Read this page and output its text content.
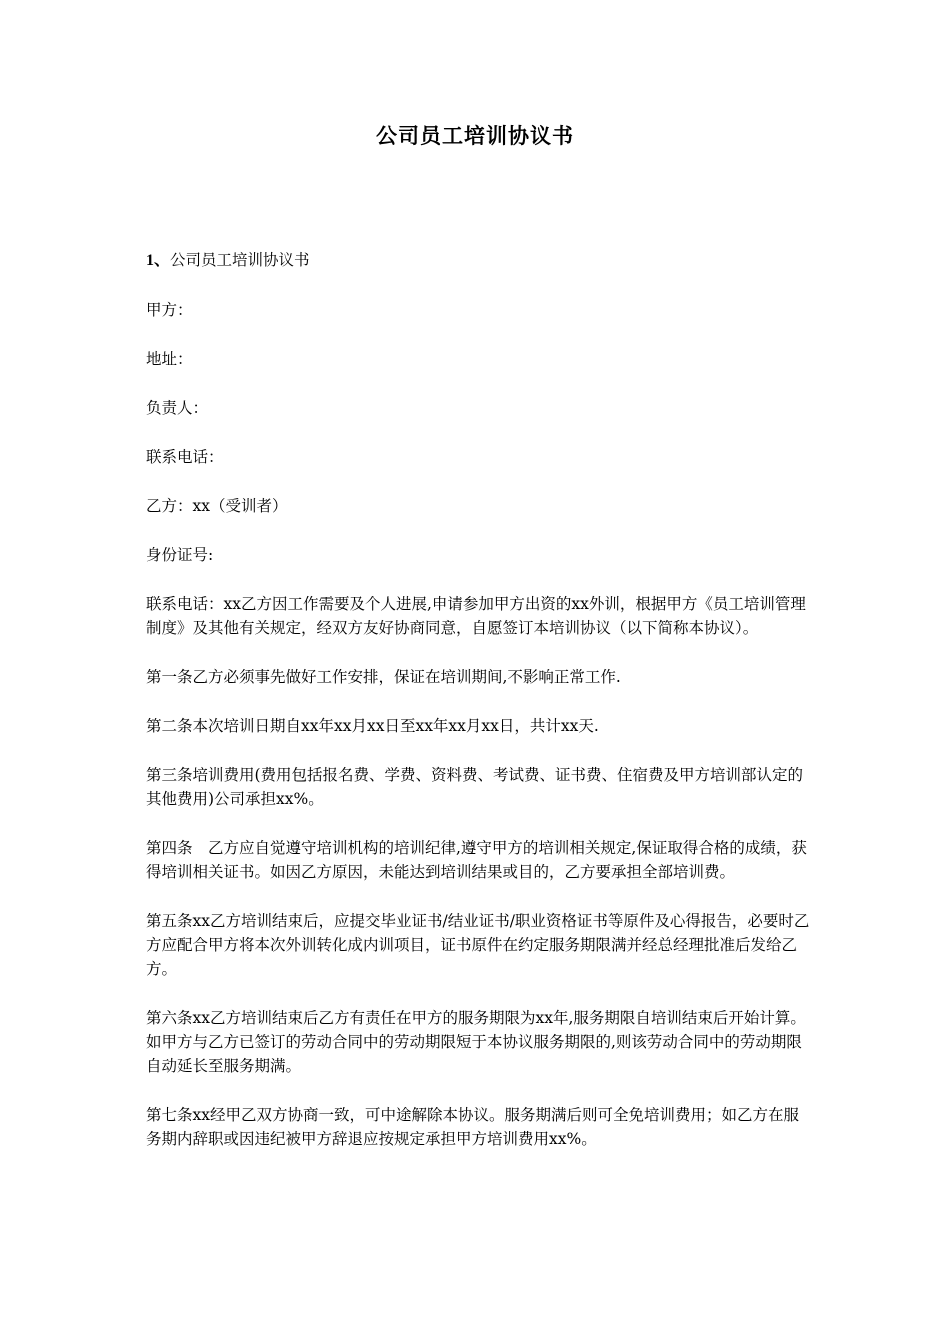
公司员工培训协议书

1、公司员工培训协议书

甲方：

地址：

负责人：

联系电话：

乙方：xx（受训者）

身份证号:

联系电话：xx乙方因工作需要及个人进展,申请参加甲方出资的xx外训，根据甲方《员工培训管理制度》及其他有关规定，经双方友好协商同意，自愿签订本培训协议（以下简称本协议）。

第一条乙方必须事先做好工作安排，保证在培训期间,不影响正常工作.

第二条本次培训日期自xx年xx月xx日至xx年xx月xx日，共计xx天.

第三条培训费用(费用包括报名费、学费、资料费、考试费、证书费、住宿费及甲方培训部认定的其他费用)公司承担xx%。

第四条　乙方应自觉遵守培训机构的培训纪律,遵守甲方的培训相关规定,保证取得合格的成绩，获得培训相关证书。如因乙方原因，未能达到培训结果或目的，乙方要承担全部培训费。

第五条xx乙方培训结束后，应提交毕业证书/结业证书/职业资格证书等原件及心得报告，必要时乙方应配合甲方将本次外训转化成内训项目，证书原件在约定服务期限满并经总经理批准后发给乙方。

第六条xx乙方培训结束后乙方有责任在甲方的服务期限为xx年,服务期限自培训结束后开始计算。如甲方与乙方已签订的劳动合同中的劳动期限短于本协议服务期限的,则该劳动合同中的劳动期限自动延长至服务期满。

第七条xx经甲乙双方协商一致，可中途解除本协议。服务期满后则可全免培训费用；如乙方在服务期内辞职或因违纪被甲方辞退应按规定承担甲方培训费用xx%。
